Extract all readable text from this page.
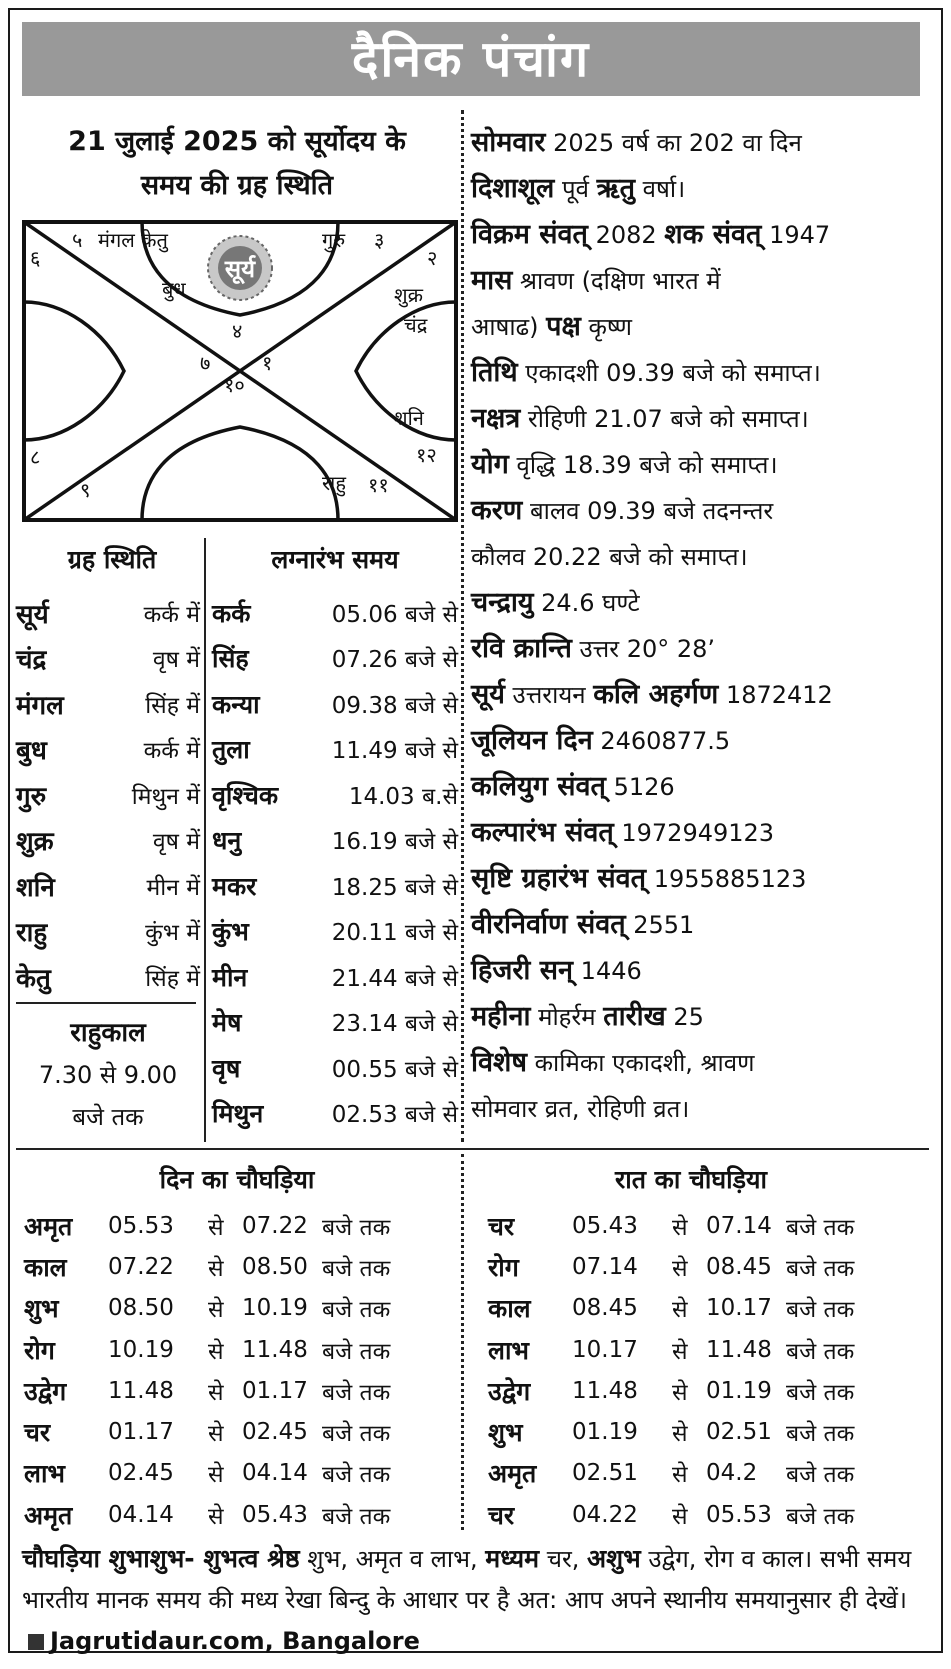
दैनिक पंचांग
21 जुलाई 2025 को सूर्योदय के
समय की ग्रह स्थिति
सूर्य
५ मंगल केतु
६
गुरु ३
२
बुध	शुक्र
चंद्र
४
७	१
१०
शनि
८	१२
९	राहु ११
ग्रह स्थिति	लग्नारंभ समय
सूर्य	कर्क में
चंद्र	वृष में
मंगल	सिंह में
बुध	कर्क में
गुरु	मिथुन में
शुक्र	वृष में
शनि	मीन में
राहु	कुंभ में
केतु	सिंह में
राहुकाल
7.30 से 9.00
बजे तक
कर्क	05.06 बजे से
सिंह	07.26 बजे से
कन्या	09.38 बजे से
तुला	11.49 बजे से
वृश्चिक	14.03 ब.से
धनु	16.19 बजे से
मकर	18.25 बजे से
कुंभ	20.11 बजे से
मीन	21.44 बजे से
मेष	23.14 बजे से
वृष	00.55 बजे से
मिथुन	02.53 बजे से
सोमवार 2025 वर्ष का 202 वा दिन
दिशाशूल पूर्व ऋतु वर्षा।
विक्रम संवत् 2082 शक संवत् 1947
मास श्रावण (दक्षिण भारत में
आषाढ) पक्ष कृष्ण
तिथि एकादशी 09.39 बजे को समाप्त।
नक्षत्र रोहिणी 21.07 बजे को समाप्त।
योग वृद्धि 18.39 बजे को समाप्त।
करण बालव 09.39 बजे तदनन्तर
कौलव 20.22 बजे को समाप्त।
चन्द्रायु 24.6 घण्टे
रवि क्रान्ति उत्तर 20° 28’
सूर्य उत्तरायन कलि अहर्गण 1872412
जूलियन दिन 2460877.5
कलियुग संवत् 5126
कल्पारंभ संवत् 1972949123
सृष्टि ग्रहारंभ संवत् 1955885123
वीरनिर्वाण संवत् 2551
हिजरी सन् 1446
महीना मोहर्रम तारीख 25
विशेष कामिका एकादशी, श्रावण
सोमवार व्रत, रोहिणी व्रत।
दिन का चौघड़िया	रात का चौघड़िया
अमृत	05.53	से 07.22 बजे तक
काल	07.22	से 08.50 बजे तक
शुभ	08.50	से 10.19 बजे तक
रोग	10.19	से 11.48 बजे तक
उद्वेग	11.48	से 01.17 बजे तक
चर	01.17	से 02.45 बजे तक
लाभ	02.45	से 04.14 बजे तक
अमृत	04.14	से 05.43 बजे तक
चर	05.43	से 07.14 बजे तक
रोग	07.14	से 08.45 बजे तक
काल	08.45	से 10.17 बजे तक
लाभ	10.17	से 11.48 बजे तक
उद्वेग	11.48	से 01.19 बजे तक
शुभ	01.19	से 02.51 बजे तक
अमृत	02.51	से 04.2	बजे तक
चर	04.22	से 05.53 बजे तक
चौघड़िया शुभाशुभ- शुभत्व श्रेष्ठ शुभ, अमृत व लाभ, मध्यम चर, अशुभ उद्वेग, रोग व काल। सभी समय भारतीय मानक समय की मध्य रेखा बिन्दु के आधार पर है अत: आप अपने स्थानीय समयानुसार ही देखें।Jagrutidaur.com, Bangalore
